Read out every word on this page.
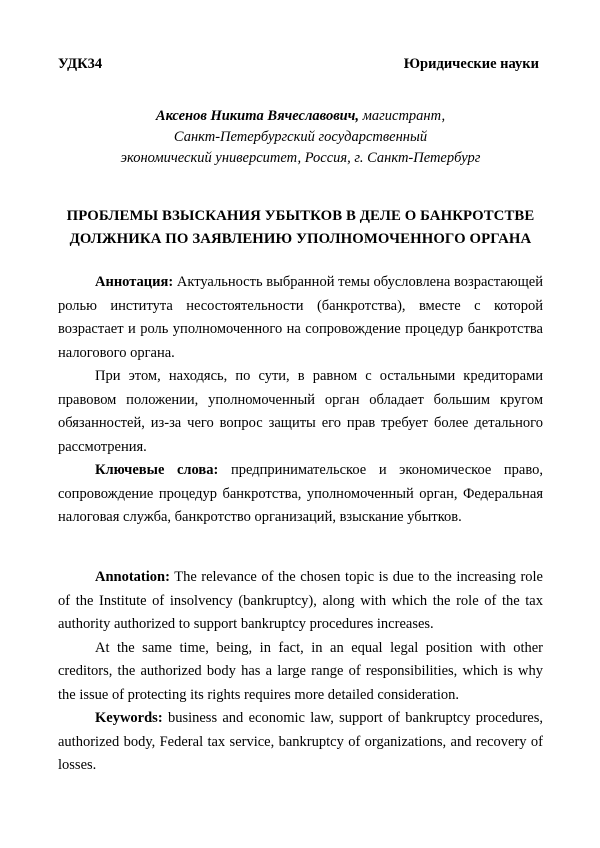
УДК34	Юридические науки
Аксенов Никита Вячеславович, магистрант,
Санкт-Петербургский государственный
экономический университет, Россия, г. Санкт-Петербург
ПРОБЛЕМЫ ВЗЫСКАНИЯ УБЫТКОВ В ДЕЛЕ О БАНКРОТСТВЕ
ДОЛЖНИКА ПО ЗАЯВЛЕНИЮ УПОЛНОМОЧЕННОГО ОРГАНА

Аннотация: Актуальность выбранной темы обусловлена возрастающей ролью института несостоятельности (банкротства), вместе с которой возрастает и роль уполномоченного на сопровождение процедур банкротства налогового органа.

При этом, находясь, по сути, в равном с остальными кредиторами правовом положении, уполномоченный орган обладает большим кругом обязанностей, из-за чего вопрос защиты его прав требует более детального рассмотрения.

Ключевые слова: предпринимательское и экономическое право, сопровождение процедур банкротства, уполномоченный орган, Федеральная налоговая служба, банкротство организаций, взыскание убытков.

Annotation: The relevance of the chosen topic is due to the increasing role of the Institute of insolvency (bankruptcy), along with which the role of the tax authority authorized to support bankruptcy procedures increases.

At the same time, being, in fact, in an equal legal position with other creditors, the authorized body has a large range of responsibilities, which is why the issue of protecting its rights requires more detailed consideration.

Keywords: business and economic law, support of bankruptcy procedures, authorized body, Federal tax service, bankruptcy of organizations, and recovery of losses.
